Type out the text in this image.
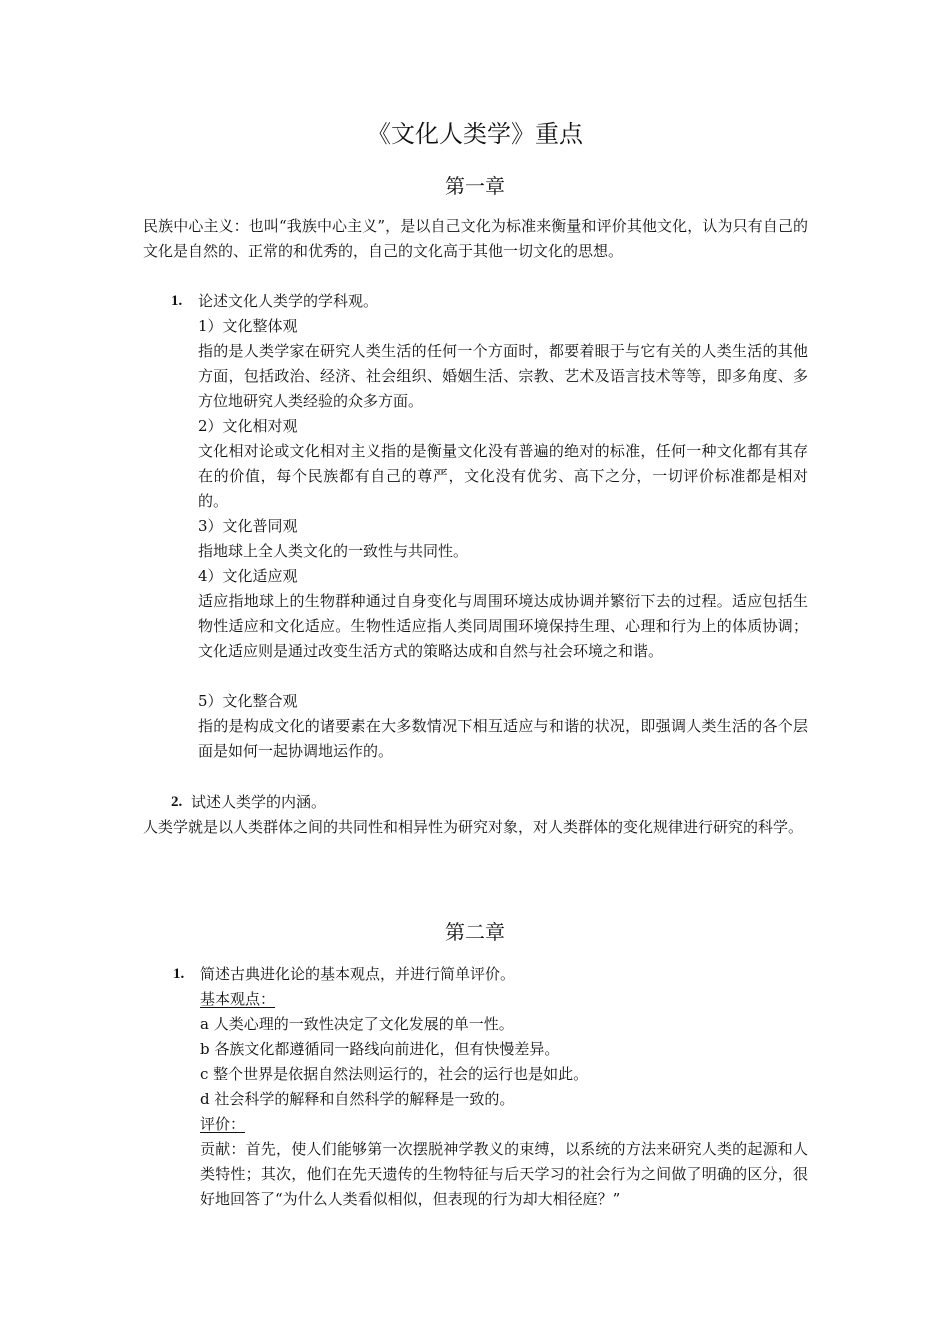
《文化人类学》重点
第一章

民族中心主义：也叫“我族中心主义”，是以自己文化为标准来衡量和评价其他文化，认为只有自己的文化是自然的、正常的和优秀的，自己的文化高于其他一切文化的思想。

1. 论述文化人类学的学科观。
1）文化整体观

指的是人类学家在研究人类生活的任何一个方面时，都要着眼于与它有关的人类生活的其他方面，包括政治、经济、社会组织、婚姻生活、宗教、艺术及语言技术等等，即多角度、多方位地研究人类经验的众多方面。

2）文化相对观

文化相对论或文化相对主义指的是衡量文化没有普遍的绝对的标准，任何一种文化都有其存在的价值，每个民族都有自己的尊严，文化没有优劣、高下之分，一切评价标准都是相对的。

3）文化普同观

指地球上全人类文化的一致性与共同性。

4）文化适应观

适应指地球上的生物群种通过自身变化与周围环境达成协调并繁衍下去的过程。适应包括生物性适应和文化适应。生物性适应指人类同周围环境保持生理、心理和行为上的体质协调；文化适应则是通过改变生活方式的策略达成和自然与社会环境之和谐。

5）文化整合观

指的是构成文化的诸要素在大多数情况下相互适应与和谐的状况，即强调人类生活的各个层面是如何一起协调地运作的。

2. 试述人类学的内涵。

人类学就是以人类群体之间的共同性和相异性为研究对象，对人类群体的变化规律进行研究的科学。

第二章
1. 简述古典进化论的基本观点，并进行简单评价。
基本观点：
a 人类心理的一致性决定了文化发展的单一性。
b 各族文化都遵循同一路线向前进化，但有快慢差异。
c 整个世界是依据自然法则运行的，社会的运行也是如此。
d 社会科学的解释和自然科学的解释是一致的。
评价：

贡献：首先，使人们能够第一次摆脱神学教义的束缚，以系统的方法来研究人类的起源和人类特性；其次，他们在先天遗传的生物特征与后天学习的社会行为之间做了明确的区分，很好地回答了“为什么人类看似相似，但表现的行为却大相径庭？”
